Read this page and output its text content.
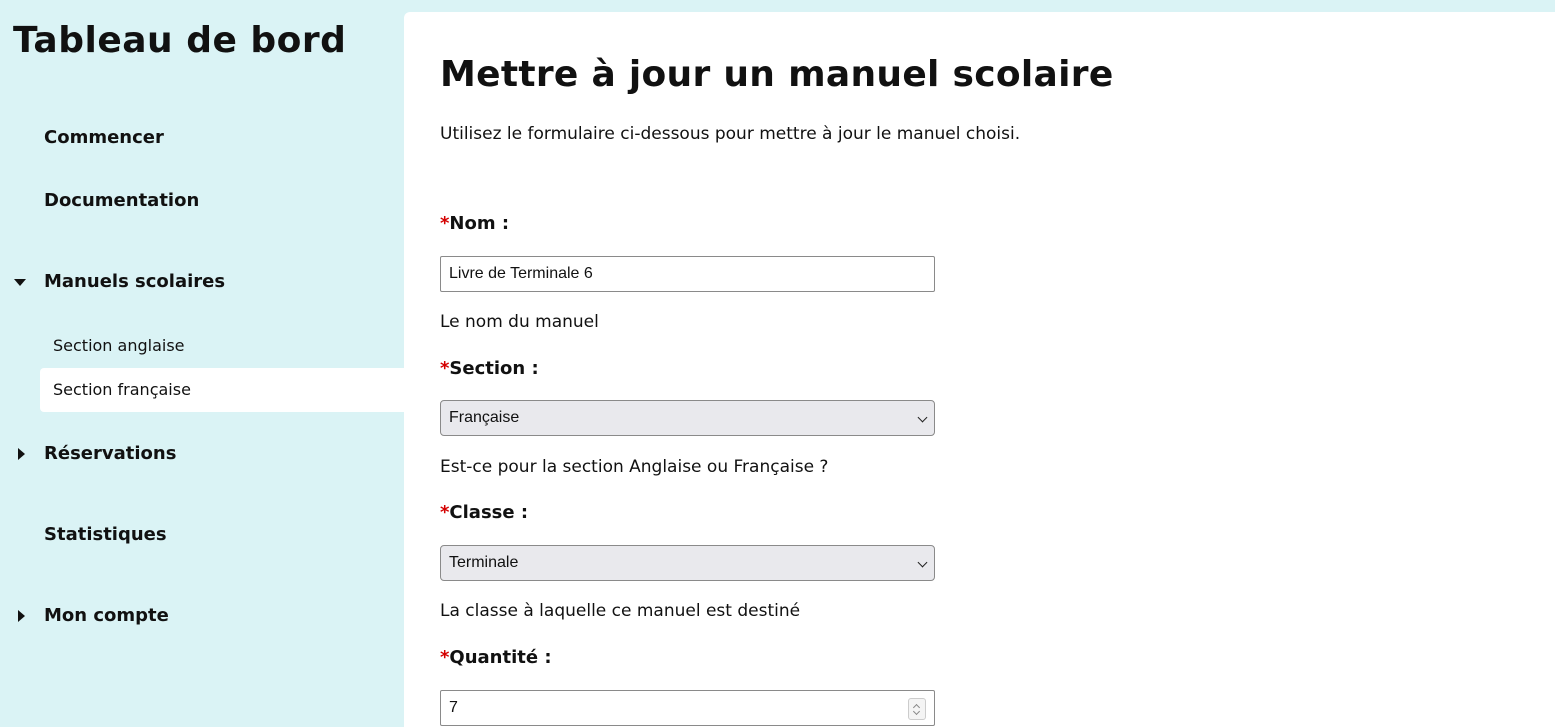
Tableau de bord
Commencer
Documentation
Manuels scolaires
Section anglaise
Section française
Réservations
Statistiques
Mon compte
Mettre à jour un manuel scolaire
Utilisez le formulaire ci-dessous pour mettre à jour le manuel choisi.
*Nom :
Livre de Terminale 6
Le nom du manuel
*Section :
Française
Est-ce pour la section Anglaise ou Française ?
*Classe :
Terminale
La classe à laquelle ce manuel est destiné
*Quantité :
7
